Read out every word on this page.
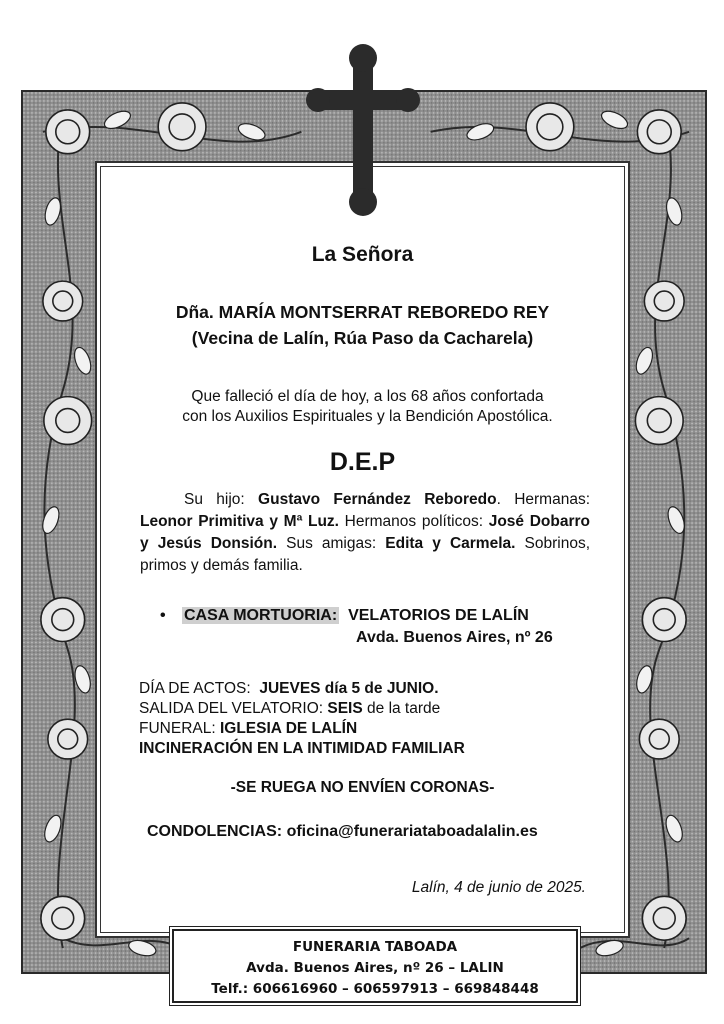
La Señora
Dña. MARÍA MONTSERRAT REBOREDO REY
(Vecina de Lalín, Rúa Paso da Cacharela)
Que falleció el día de hoy, a los 68 años confortada
con los Auxilios Espirituales y la Bendición Apostólica.
D.E.P
Su hijo: Gustavo Fernández Reboredo. Hermanas: Leonor Primitiva y Mª Luz. Hermanos políticos: José Dobarro y Jesús Donsión. Sus amigas: Edita y Carmela. Sobrinos, primos y demás familia.
• CASA MORTUORIA: VELATORIOS DE LALÍN
Avda. Buenos Aires, nº 26
DÍA DE ACTOS: JUEVES día 5 de JUNIO.
SALIDA DEL VELATORIO: SEIS de la tarde
FUNERAL: IGLESIA DE LALÍN
INCINERACIÓN EN LA INTIMIDAD FAMILIAR
-SE RUEGA NO ENVÍEN CORONAS-
CONDOLENCIAS: oficina@funerariataboadalalin.es
Lalín, 4 de junio de 2025.
FUNERARIA TABOADA
Avda. Buenos Aires, nº 26 – LALIN
Telf.: 606616960 – 606597913 – 669848448
